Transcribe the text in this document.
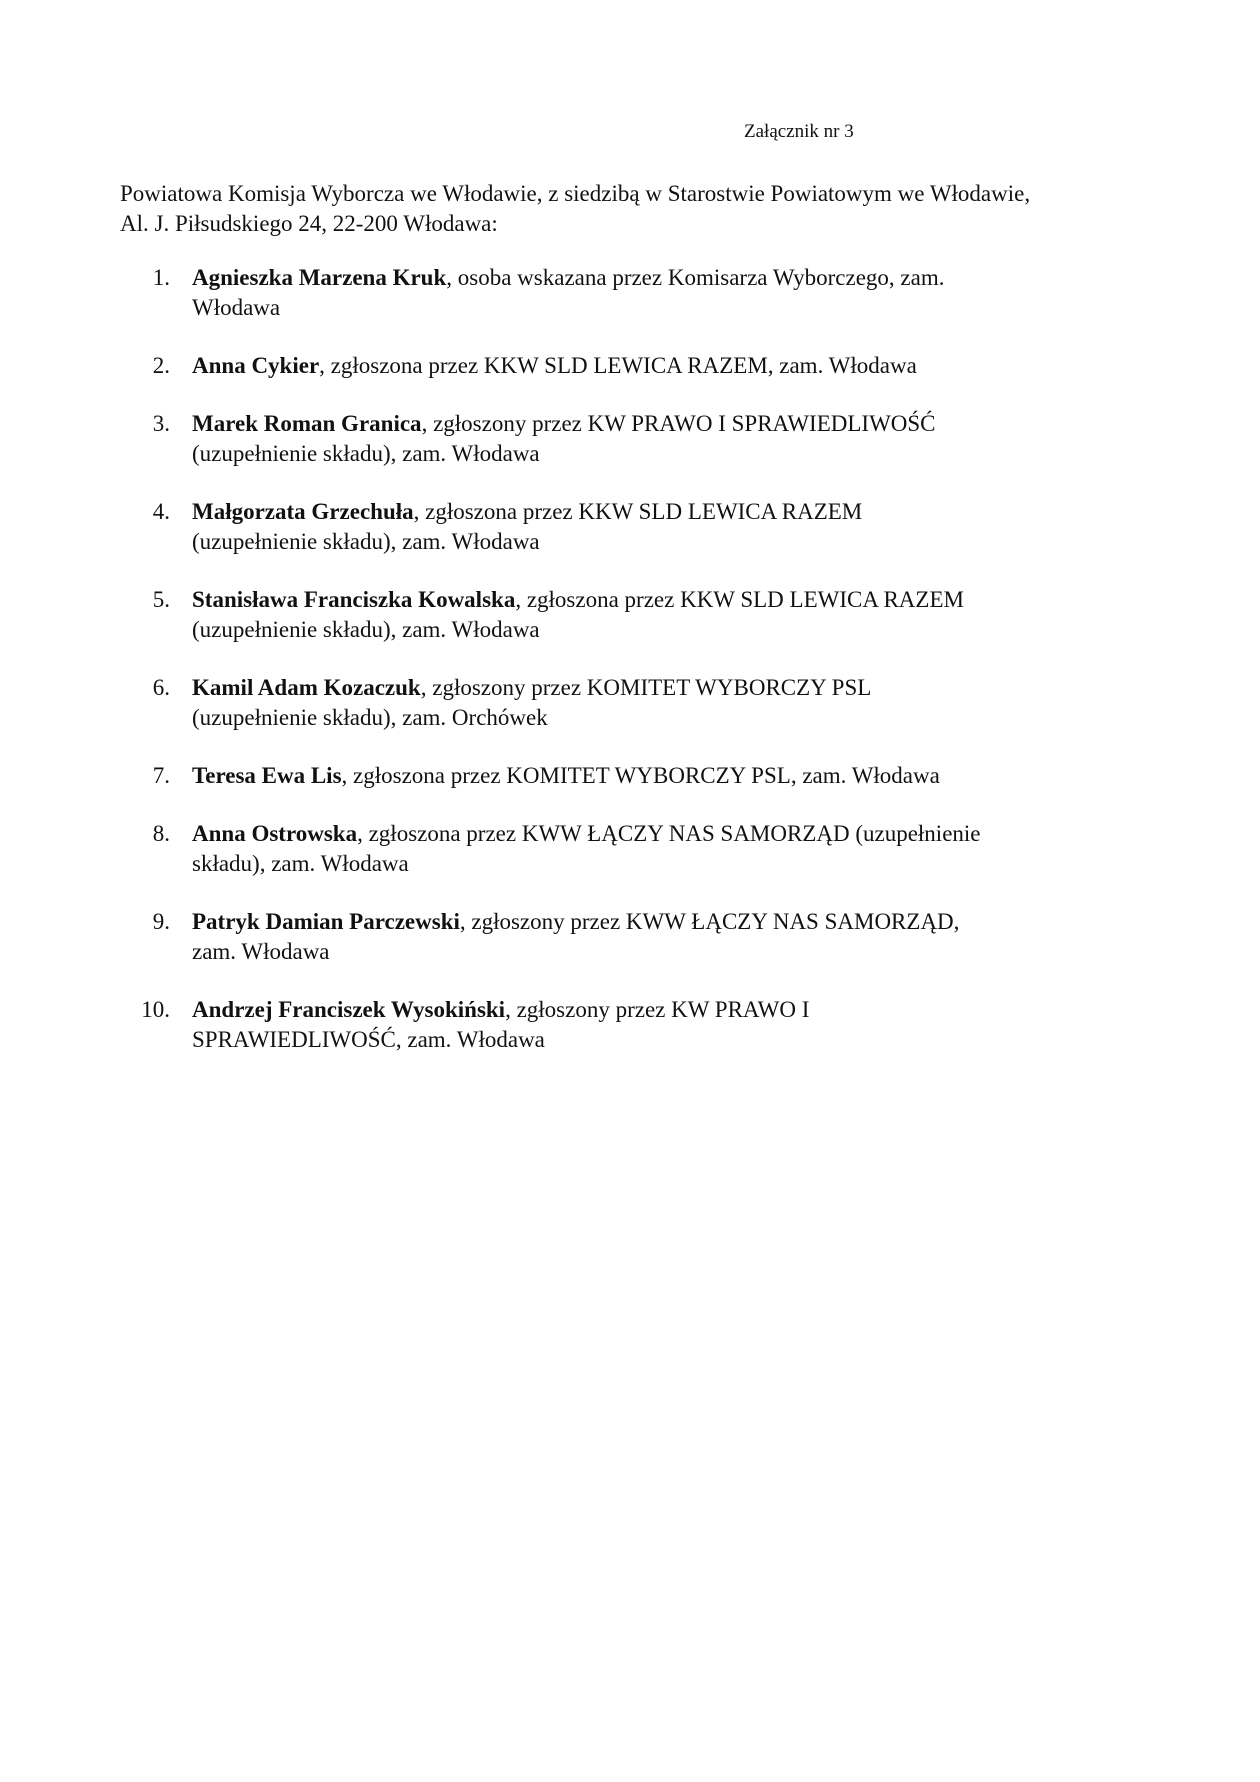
Załącznik nr 3
Powiatowa Komisja Wyborcza we Włodawie, z siedzibą w Starostwie Powiatowym we Włodawie,
Al. J. Piłsudskiego 24, 22-200 Włodawa:
1. Agnieszka Marzena Kruk, osoba wskazana przez Komisarza Wyborczego, zam.
Włodawa
2. Anna Cykier, zgłoszona przez KKW SLD LEWICA RAZEM, zam. Włodawa
3. Marek Roman Granica, zgłoszony przez KW PRAWO I SPRAWIEDLIWOŚĆ
(uzupełnienie składu), zam. Włodawa
4. Małgorzata Grzechuła, zgłoszona przez KKW SLD LEWICA RAZEM
(uzupełnienie składu), zam. Włodawa
5. Stanisława Franciszka Kowalska, zgłoszona przez KKW SLD LEWICA RAZEM
(uzupełnienie składu), zam. Włodawa
6. Kamil Adam Kozaczuk, zgłoszony przez KOMITET WYBORCZY PSL
(uzupełnienie składu), zam. Orchówek
7. Teresa Ewa Lis, zgłoszona przez KOMITET WYBORCZY PSL, zam. Włodawa
8. Anna Ostrowska, zgłoszona przez KWW ŁĄCZY NAS SAMORZĄD (uzupełnienie
składu), zam. Włodawa
9. Patryk Damian Parczewski, zgłoszony przez KWW ŁĄCZY NAS SAMORZĄD,
zam. Włodawa
10. Andrzej Franciszek Wysokiński, zgłoszony przez KW PRAWO I
SPRAWIEDLIWOŚĆ, zam. Włodawa
